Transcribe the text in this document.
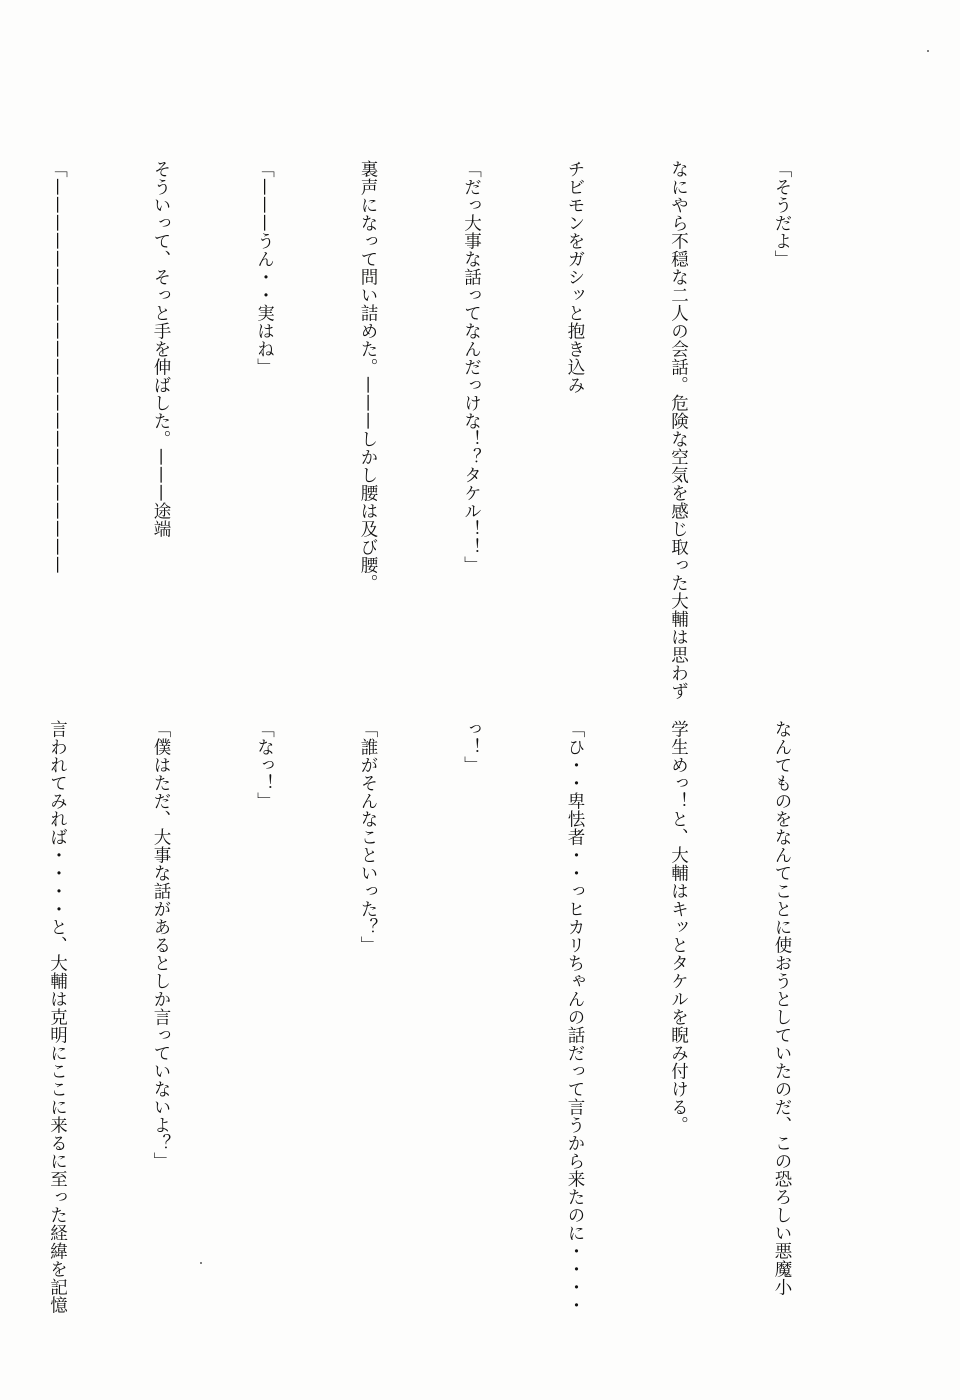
「そうだよ」

なにやら不穏な二人の会話。危険な空気を感じ取った大輔は思わず

チビモンをガシッと抱き込み

「だっ大事な話ってなんだっけな！？タケル！！」

裏声になって問い詰めた。———しかし腰は及び腰。

「———うん・・実はね」

そういって、そっと手を伸ばした。———途端

「——————————————————————

なんてものをなんてことに使おうとしていたのだ、この恐ろしい悪魔小

学生めっ！と、大輔はキッとタケルを睨み付ける。

「ひ・・卑怯者・・っヒカリちゃんの話だって言うから来たのに・・・・

っ！」

「誰がそんなこといった？」

「なっ！」

「僕はただ、大事な話があるとしか言っていないよ？」

言われてみれば・・・・と、大輔は克明にここに来るに至った経緯を記憶
